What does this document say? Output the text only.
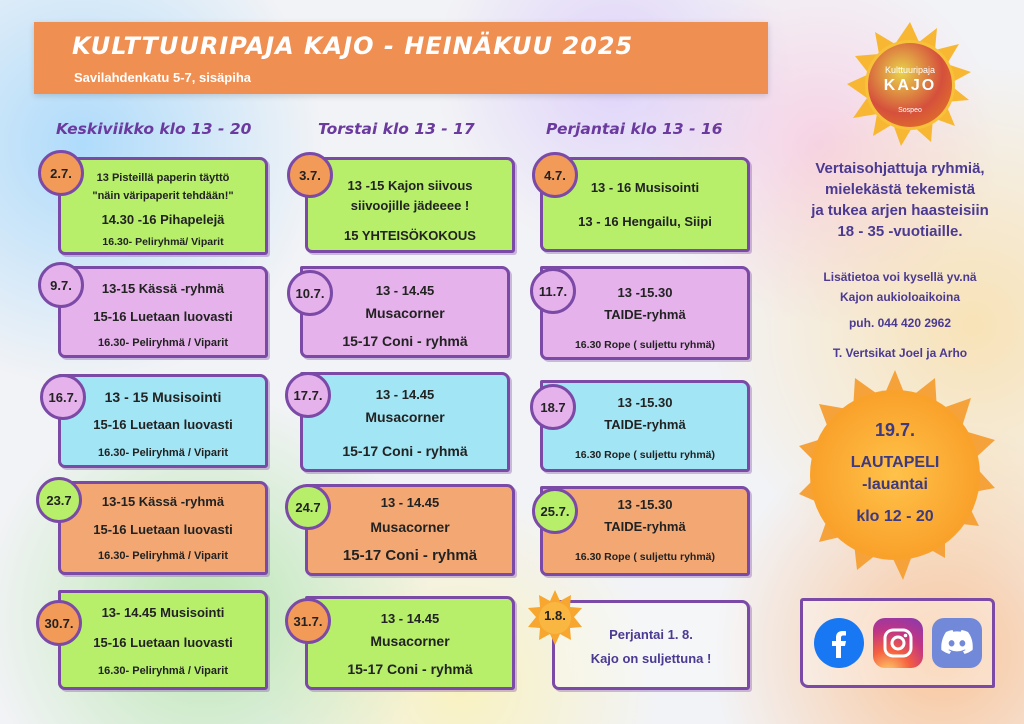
KULTTUURIPAJA KAJO - HEINÄKUU 2025
Savilahdenkatu 5-7, sisäpiha	Kulttuuripaja
KAJO
Sospeo
Keskiviikko klo 13 - 20	Torstai klo 13 - 17	Perjantai klo 13 - 16
13 Pisteillä paperin täyttö
"näin väripaperit tehdään!"
14.30 -16 Pihapelejä
16.30- Peliryhmä/ Viparit
2.7.
13-15 Kässä -ryhmä
15-16 Luetaan luovasti
16.30- Peliryhmä / Viparit
9.7.
13 - 15 Musisointi
15-16 Luetaan luovasti
16.30- Peliryhmä / Viparit
16.7.
13-15 Kässä -ryhmä
15-16 Luetaan luovasti
16.30- Peliryhmä / Viparit
23.7
13- 14.45 Musisointi
15-16 Luetaan luovasti
16.30- Peliryhmä / Viparit
30.7.
13 -15 Kajon siivous
siivoojille jädeeee !
15 YHTEISÖKOKOUS
3.7.
13 - 14.45
Musacorner
15-17 Coni - ryhmä
10.7.
13 - 14.45
Musacorner
15-17 Coni - ryhmä
17.7.
13 - 14.45
Musacorner
15-17 Coni - ryhmä
24.7
13 - 14.45
Musacorner
15-17 Coni - ryhmä
31.7.
13 - 16 Musisointi
13 - 16 Hengailu, Siipi
4.7.
13 -15.30
TAIDE-ryhmä
16.30 Rope ( suljettu ryhmä)
11.7.
13 -15.30
TAIDE-ryhmä
16.30 Rope ( suljettu ryhmä)
18.7
13 -15.30
TAIDE-ryhmä
16.30 Rope ( suljettu ryhmä)
25.7.
Perjantai 1. 8.
Kajo on suljettuna !
1.8.
Vertaisohjattuja ryhmiä,
mielekästä tekemistä
ja tukea arjen haasteisiin
18 - 35 -vuotiaille.
Lisätietoa voi kysellä yv.nä
Kajon aukioloaikoina
puh. 044 420 2962
T. Vertsikat Joel ja Arho
19.7.
LAUTAPELI
-lauantai
klo 12 - 20
